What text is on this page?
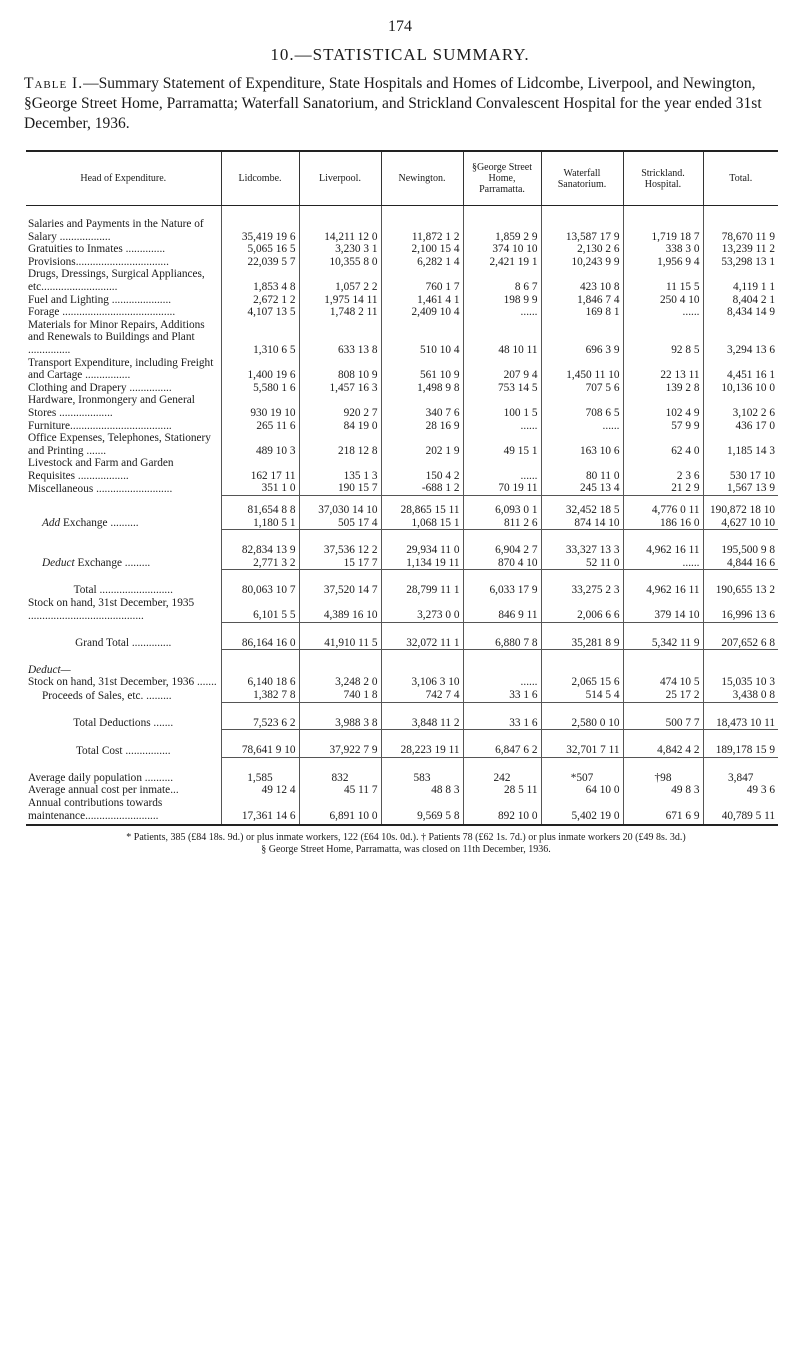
174
10.—STATISTICAL SUMMARY.
Table I.—Summary Statement of Expenditure, State Hospitals and Homes of Lidcombe, Liverpool, and Newington, §George Street Home, Parramatta; Waterfall Sanatorium, and Strickland Convalescent Hospital for the year ended 31st December, 1936.
Head of Expenditure.	Lidcombe.	Liverpool.	Newington.	§George Street Home, Parramatta.	Waterfall Sanatorium.	Strickland. Hospital.	Total.
Salaries and Payments in the Nature of Salary ..................	35,419 19 6	14,211 12 0	11,872 1 2	1,859 2 9	13,587 17 9	1,719 18 7	78,670 11 9
Gratuities to Inmates ..............	5,065 16 5	3,230 3 1	2,100 15 4	374 10 10	2,130 2 6	338 3 0	13,239 11 2
Provisions.................................	22,039 5 7	10,355 8 0	6,282 1 4	2,421 19 1	10,243 9 9	1,956 9 4	53,298 13 1
Drugs, Dressings, Surgical Appliances, etc...........................	1,853 4 8	1,057 2 2	760 1 7	8 6 7	423 10 8	11 15 5	4,119 1 1
Fuel and Lighting .....................	2,672 1 2	1,975 14 11	1,461 4 1	198 9 9	1,846 7 4	250 4 10	8,404 2 1
Forage ........................................	4,107 13 5	1,748 2 11	2,409 10 4	......	169 8 1	......	8,434 14 9
Materials for Minor Repairs, Additions and Renewals to Buildings and Plant ...............	1,310 6 5	633 13 8	510 10 4	48 10 11	696 3 9	92 8 5	3,294 13 6
Transport Expenditure, including Freight and Cartage ................	1,400 19 6	808 10 9	561 10 9	207 9 4	1,450 11 10	22 13 11	4,451 16 1
Clothing and Drapery ...............	5,580 1 6	1,457 16 3	1,498 9 8	753 14 5	707 5 6	139 2 8	10,136 10 0
Hardware, Ironmongery and General Stores ...................	930 19 10	920 2 7	340 7 6	100 1 5	708 6 5	102 4 9	3,102 2 6
Furniture....................................	265 11 6	84 19 0	28 16 9	......	......	57 9 9	436 17 0
Office Expenses, Telephones, Stationery and Printing .......	489 10 3	218 12 8	202 1 9	49 15 1	163 10 6	62 4 0	1,185 14 3
Livestock and Farm and Garden Requisites ..................	162 17 11	135 1 3	150 4 2	......	80 11 0	2 3 6	530 17 10
Miscellaneous ...........................	351 1 0	190 15 7	-688 1 2	70 19 11	245 13 4	21 2 9	1,567 13 9
	81,654 8 8	37,030 14 10	28,865 15 11	6,093 0 1	32,452 18 5	4,776 0 11	190,872 18 10
Add Exchange ..........	1,180 5 1	505 17 4	1,068 15 1	811 2 6	874 14 10	186 16 0	4,627 10 10
	82,834 13 9	37,536 12 2	29,934 11 0	6,904 2 7	33,327 13 3	4,962 16 11	195,500 9 8
Deduct Exchange .........	2,771 3 2	15 17 7	1,134 19 11	870 4 10	52 11 0	......	4,844 16 6
Total ..........................	80,063 10 7	37,520 14 7	28,799 11 1	6,033 17 9	33,275 2 3	4,962 16 11	190,655 13 2
Stock on hand, 31st December, 1935 .........................................	6,101 5 5	4,389 16 10	3,273 0 0	846 9 11	2,006 6 6	379 14 10	16,996 13 6
Grand Total ..............	86,164 16 0	41,910 11 5	32,072 11 1	6,880 7 8	35,281 8 9	5,342 11 9	207,652 6 8
Deduct—
Stock on hand, 31st December, 1936 .......	6,140 18 6	3,248 2 0	3,106 3 10	......	2,065 15 6	474 10 5	15,035 10 3
Proceeds of Sales, etc. .........	1,382 7 8	740 1 8	742 7 4	33 1 6	514 5 4	25 17 2	3,438 0 8
Total Deductions .......	7,523 6 2	3,988 3 8	3,848 11 2	33 1 6	2,580 0 10	500 7 7	18,473 10 11
Total Cost ................	78,641 9 10	37,922 7 9	28,223 19 11	6,847 6 2	32,701 7 11	4,842 4 2	189,178 15 9
Average daily population ..........	1,585	832	583	242	*507	†98	3,847
Average annual cost per inmate...	49 12 4	45 11 7	48 8 3	28 5 11	64 10 0	49 8 3	49 3 6
Annual contributions towards maintenance..........................	17,361 14 6	6,891 10 0	9,569 5 8	892 10 0	5,402 19 0	671 6 9	40,789 5 11
* Patients, 385 (£84 18s. 9d.) or plus inmate workers, 122 (£64 10s. 0d.). † Patients 78 (£62 1s. 7d.) or plus inmate workers 20 (£49 8s. 3d.)
§ George Street Home, Parramatta, was closed on 11th December, 1936.
